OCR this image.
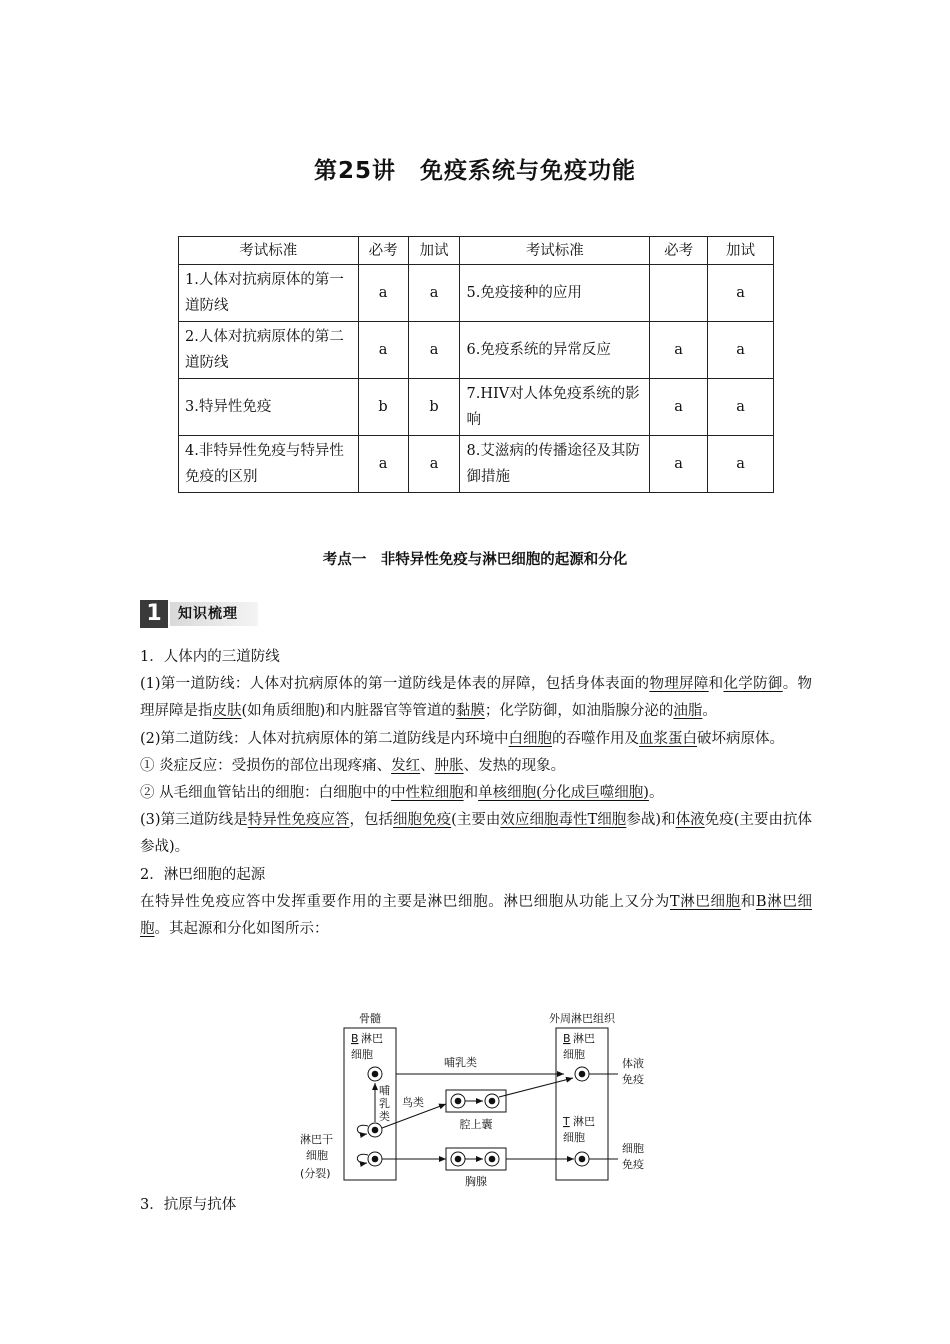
第25讲　免疫系统与免疫功能
考试标准	必考	加试	考试标准	必考	加试
1.人体对抗病原体的第一道防线	a	a	5.免疫接种的应用		a
2.人体对抗病原体的第二道防线	a	a	6.免疫系统的异常反应	a	a
3.特异性免疫	b	b	7.HIV对人体免疫系统的影响	a	a
4.非特异性免疫与特异性免疫的区别	a	a	8.艾滋病的传播途径及其防御措施	a	a
考点一　非特异性免疫与淋巴细胞的起源和分化
1	知识梳理

1．人体内的三道防线

(1)第一道防线：人体对抗病原体的第一道防线是体表的屏障，包括身体表面的物理屏障和化学防御。物理屏障是指皮肤(如角质细胞)和内脏器官等管道的黏膜；化学防御，如油脂腺分泌的油脂。

(2)第二道防线：人体对抗病原体的第二道防线是内环境中白细胞的吞噬作用及血浆蛋白破坏病原体。

① 炎症反应：受损伤的部位出现疼痛、发红、肿胀、发热的现象。

② 从毛细血管钻出的细胞：白细胞中的中性粒细胞和单核细胞(分化成巨噬细胞)。

(3)第三道防线是特异性免疫应答，包括细胞免疫(主要由效应细胞毒性T细胞参战)和体液免疫(主要由抗体参战)。

2．淋巴细胞的起源

在特异性免疫应答中发挥重要作用的主要是淋巴细胞。淋巴细胞从功能上又分为T淋巴细胞和B淋巴细胞。其起源和分化如图所示：

骨髓	外周淋巴组织
B 淋巴
细胞
哺
乳
类
淋巴干
细胞
(分裂)
哺乳类
鸟类
腔上囊
胸腺
B 淋巴
细胞
T 淋巴
细胞
体液
免疫
细胞
免疫
3．抗原与抗体
